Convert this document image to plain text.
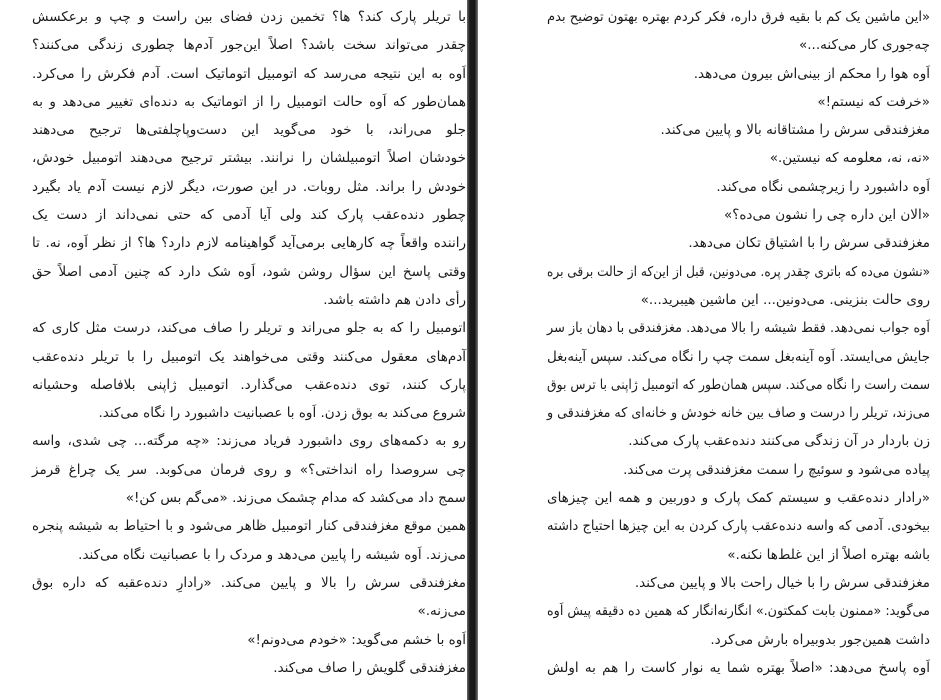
با تریلر پارک کند؟ ها؟ تخمین زدن فضای بین راست و چپ و برعکسش
چقدر می‌تواند سخت باشد؟ اصلاً این‌جور آدم‌ها چطوری زندگی می‌کنند؟
اَوه به این نتیجه می‌رسد که اتومبیل اتوماتیک است. آدم فکرش را می‌کرد.
همان‌طور که اَوه حالت اتومبیل را از اتوماتیک به دنده‌ای تغییر می‌دهد و به
جلو می‌راند، با خود می‌گوید این دست‌وپاچلفتی‌ها ترجیح می‌دهند
خودشان اصلاً اتومبیلشان را نرانند. بیشتر ترجیح می‌دهند اتومبیل خودش،
خودش را براند. مثل روبات. در این صورت، دیگر لازم نیست آدم یاد بگیرد
چطور دنده‌عقب پارک کند ولی آیا آدمی که حتی نمی‌داند از دست یک
راننده واقعاً چه کارهایی برمی‌آید گواهینامه لازم دارد؟ ها؟ از نظر اَوه، نه. تا
وقتی پاسخ این سؤال روشن شود، اَوه شک دارد که چنین آدمی اصلاً حق
رأی دادن هم داشته باشد.
اتومبیل را که به جلو می‌راند و تریلر را صاف می‌کند، درست مثل کاری که
آدم‌های معقول می‌کنند وقتی می‌خواهند یک اتومبیل را با تریلر دنده‌عقب
پارک کنند، توی دنده‌عقب می‌گذارد. اتومبیل ژاپنی بلافاصله وحشیانه
شروع می‌کند به بوق زدن. اَوه با عصبانیت داشبورد را نگاه می‌کند.
رو به دکمه‌های روی داشبورد فریاد می‌زند: «چه مرگته... چی شدی، واسه
چی سروصدا راه انداختی؟» و روی فرمان می‌کوبد. سر یک چراغ قرمز
سمج داد می‌کشد که مدام چشمک می‌زند. «می‌گم بس کن!»
همین موقع مغزفندقی کنار اتومبیل ظاهر می‌شود و با احتیاط به شیشه پنجره
می‌زند. اَوه شیشه را پایین می‌دهد و مردک را با عصبانیت نگاه می‌کند.
مغزفندقی سرش را بالا و پایین می‌کند. «رادارِ دنده‌عقبه که داره بوق
می‌زنه.»
اَوه با خشم می‌گوید: «خودم می‌دونم!»
مغزفندقی گلویش را صاف می‌کند.
«این ماشین یک کم با بقیه فرق داره، فکر کردم بهتره بهتون توضیح بدم
چه‌جوری کار می‌کنه...»
اَوه هوا را محکم از بینی‌اش بیرون می‌دهد.
«خرفت که نیستم!»
مغزفندقی سرش را مشتاقانه بالا و پایین می‌کند.
«نه، نه، معلومه که نیستین.»
اَوه داشبورد را زیرچشمی نگاه می‌کند.
«الان این داره چی را نشون می‌ده؟»
مغزفندقی سرش را با اشتیاق تکان می‌دهد.
«نشون می‌ده که باتری چقدر پره. می‌دونین، قبل از این‌که از حالت برقی بره
روی حالت بنزینی. می‌دونین... این ماشین هیبرید...»
اَوه جواب نمی‌دهد. فقط شیشه را بالا می‌دهد. مغزفندقی با دهان باز سر
جایش می‌ایستد. اَوه آینه‌بغل سمت چپ را نگاه می‌کند. سپس آینه‌بغل
سمت راست را نگاه می‌کند. سپس همان‌طور که اتومبیل ژاپنی با ترس بوق
می‌زند، تریلر را درست و صاف بین خانه خودش و خانه‌ای که مغزفندقی و
زن باردار در آن زندگی می‌کنند دنده‌عقب پارک می‌کند.
پیاده می‌شود و سوئیچ را سمت مغزفندقی پرت می‌کند.
«رادار دنده‌عقب و سیستم کمک پارک و دوربین و همه این چیزهای
بیخودی. آدمی که واسه دنده‌عقب پارک کردن به این چیزها احتیاج داشته
باشه بهتره اصلاً از این غلط‌ها نکنه.»
مغزفندقی سرش را با خیال راحت بالا و پایین می‌کند.
می‌گوید: «ممنون بابت کمکتون.» انگارنه‌انگار که همین ده دقیقه پیش اَوه
داشت همین‌جور بدوبیراه بارش می‌کرد.
اَوه پاسخ می‌دهد: «اصلاً بهتره شما یه نوار کاست را هم به اولش
